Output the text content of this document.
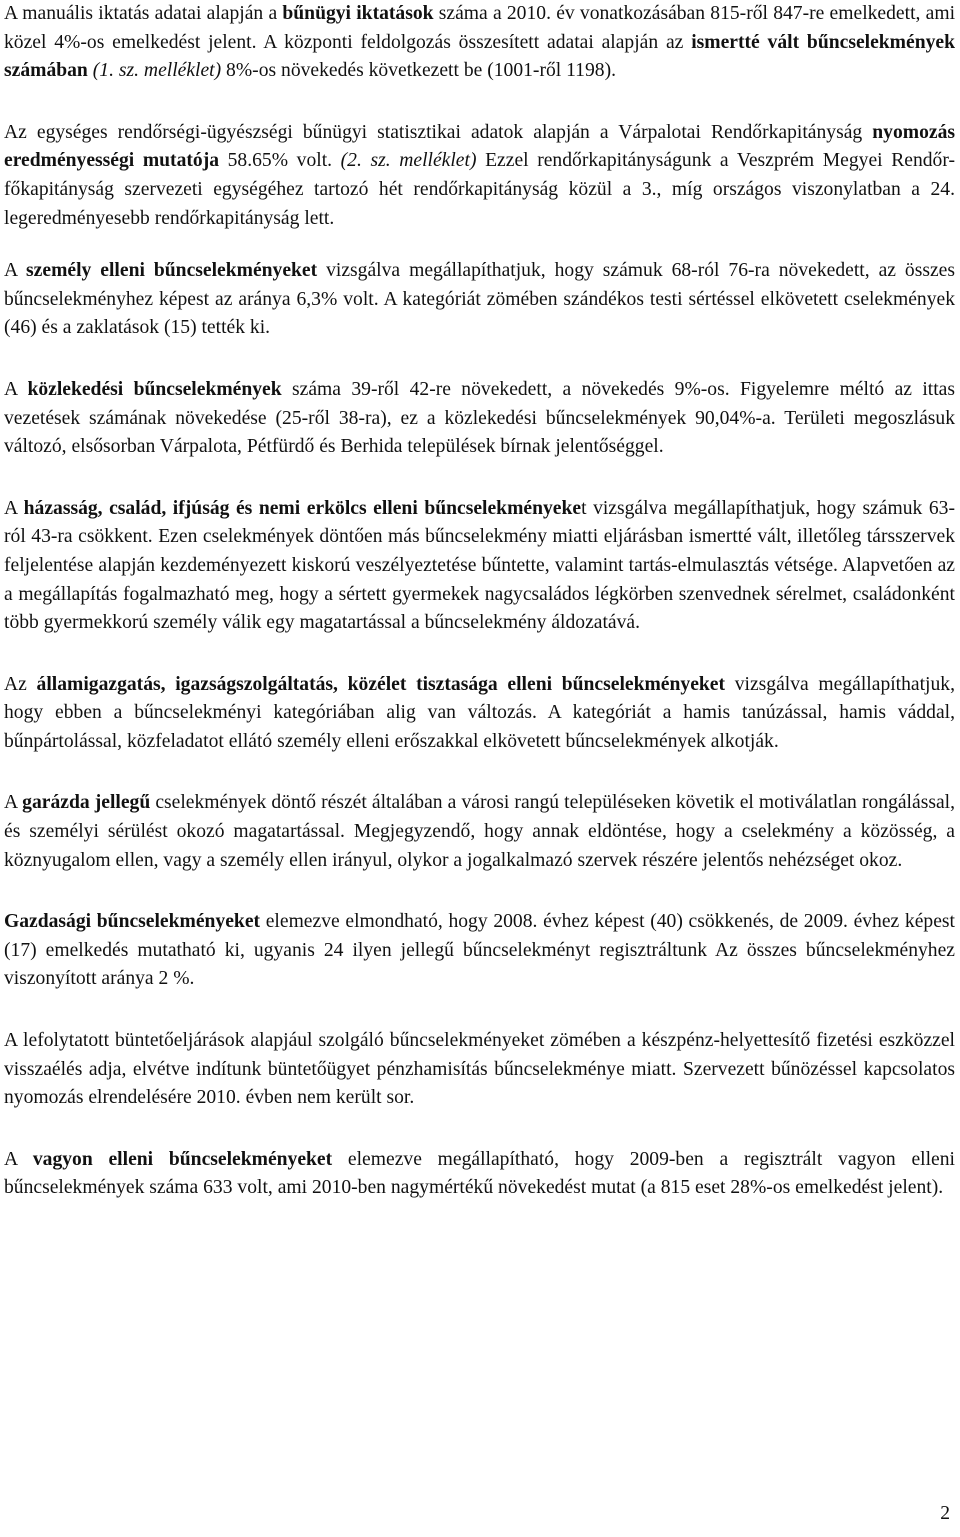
A manuális iktatás adatai alapján a bűnügyi iktatások száma a 2010. év vonatkozásában 815-ről 847-re emelkedett, ami közel 4%-os emelkedést jelent. A központi feldolgozás összesített adatai alapján az ismertté vált bűncselekmények számában (1. sz. melléklet) 8%-os növekedés következett be (1001-ről 1198).

Az egységes rendőrségi-ügyészségi bűnügyi statisztikai adatok alapján a Várpalotai Rendőrkapitányság nyomozás eredményességi mutatója 58.65% volt. (2. sz. melléklet) Ezzel rendőrkapitányságunk a Veszprém Megyei Rendőr-főkapitányság szervezeti egységéhez tartozó hét rendőrkapitányság közül a 3., míg országos viszonylatban a 24. legeredményesebb rendőrkapitányság lett.

A személy elleni bűncselekményeket vizsgálva megállapíthatjuk, hogy számuk 68-ról 76-ra növekedett, az összes bűncselekményhez képest az aránya 6,3% volt. A kategóriát zömében szándékos testi sértéssel elkövetett cselekmények (46) és a zaklatások (15) tették ki.

A közlekedési bűncselekmények száma 39-ről 42-re növekedett, a növekedés 9%-os. Figyelemre méltó az ittas vezetések számának növekedése (25-ről 38-ra), ez a közlekedési bűncselekmények 90,04%-a. Területi megoszlásuk változó, elsősorban Várpalota, Pétfürdő és Berhida települések bírnak jelentőséggel.

A házasság, család, ifjúság és nemi erkölcs elleni bűncselekményeket vizsgálva megállapíthatjuk, hogy számuk 63-ról 43-ra csökkent. Ezen cselekmények döntően más bűncselekmény miatti eljárásban ismertté vált, illetőleg társszervek feljelentése alapján kezdeményezett kiskorú veszélyeztetése bűntette, valamint tartás-elmulasztás vétsége. Alapvetően az a megállapítás fogalmazható meg, hogy a sértett gyermekek nagycsaládos légkörben szenvednek sérelmet, családonként több gyermekkorú személy válik egy magatartással a bűncselekmény áldozatává.

Az államigazgatás, igazságszolgáltatás, közélet tisztasága elleni bűncselekményeket vizsgálva megállapíthatjuk, hogy ebben a bűncselekményi kategóriában alig van változás. A kategóriát a hamis tanúzással, hamis váddal, bűnpártolással, közfeladatot ellátó személy elleni erőszakkal elkövetett bűncselekmények alkotják.

A garázda jellegű cselekmények döntő részét általában a városi rangú településeken követik el motiválatlan rongálással, és személyi sérülést okozó magatartással. Megjegyzendő, hogy annak eldöntése, hogy a cselekmény a közösség, a köznyugalom ellen, vagy a személy ellen irányul, olykor a jogalkalmazó szervek részére jelentős nehézséget okoz.

Gazdasági bűncselekményeket elemezve elmondható, hogy 2008. évhez képest (40) csökkenés, de 2009. évhez képest (17) emelkedés mutatható ki, ugyanis 24 ilyen jellegű bűncselekményt regisztráltunk Az összes bűncselekményhez viszonyított aránya 2 %.

A lefolytatott büntetőeljárások alapjául szolgáló bűncselekményeket zömében a készpénz-helyettesítő fizetési eszközzel visszaélés adja, elvétve indítunk büntetőügyet pénzhamisítás bűncselekménye miatt. Szervezett bűnözéssel kapcsolatos nyomozás elrendelésére 2010. évben nem került sor.

A vagyon elleni bűncselekményeket elemezve megállapítható, hogy 2009-ben a regisztrált vagyon elleni bűncselekmények száma 633 volt, ami 2010-ben nagymértékű növekedést mutat (a 815 eset 28%-os emelkedést jelent).

2
